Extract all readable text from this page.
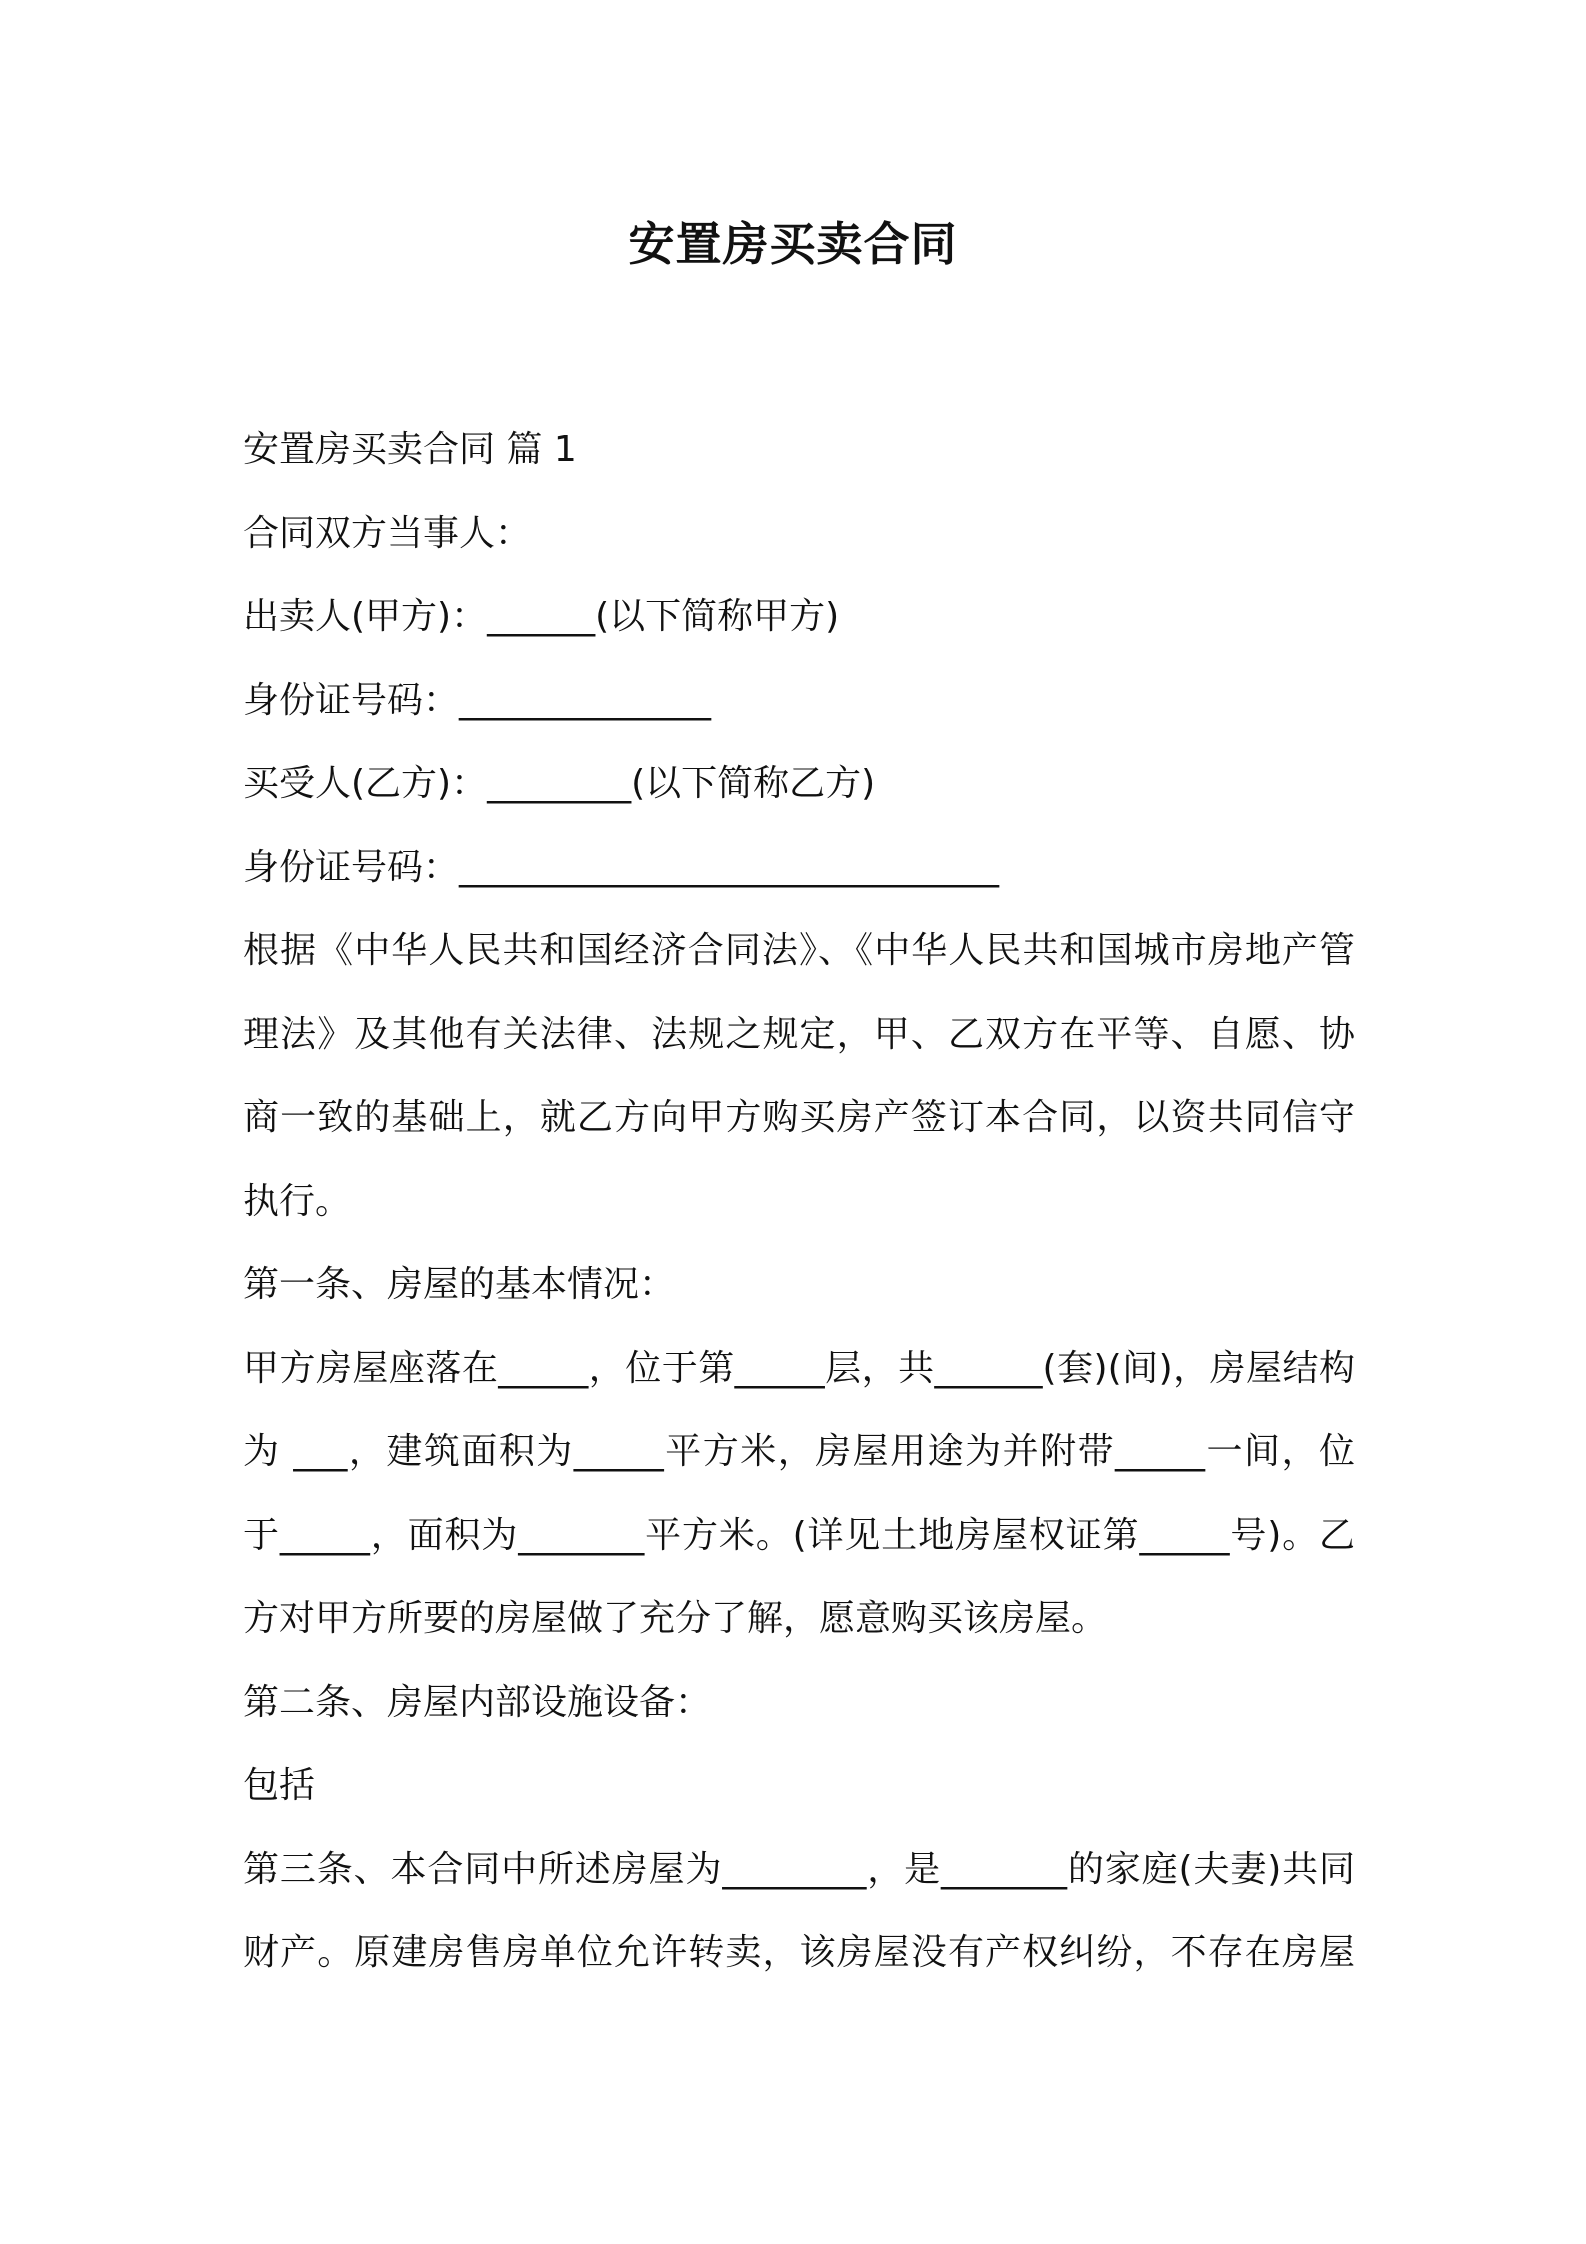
安置房买卖合同
安置房买卖合同 篇 1
合同双方当事人：
出卖人(甲方)：______(以下简称甲方)
身份证号码：______________
买受人(乙方)：________(以下简称乙方)
身份证号码：______________________________
根据《中华人民共和国经济合同法》、《中华人民共和国城市房地产管
理法》及其他有关法律、法规之规定，甲、乙双方在平等、自愿、协
商一致的基础上，就乙方向甲方购买房产签订本合同，以资共同信守
执行。
第一条、房屋的基本情况：
甲方房屋座落在_____，位于第_____层，共______(套)(间)，房屋结构
为 ___，建筑面积为_____平方米，房屋用途为并附带_____一间，位
于_____，面积为_______平方米。(详见土地房屋权证第_____号)。乙
方对甲方所要的房屋做了充分了解，愿意购买该房屋。
第二条、房屋内部设施设备：
包括
第三条、本合同中所述房屋为________，是_______的家庭(夫妻)共同
财产。原建房售房单位允许转卖，该房屋没有产权纠纷，不存在房屋
